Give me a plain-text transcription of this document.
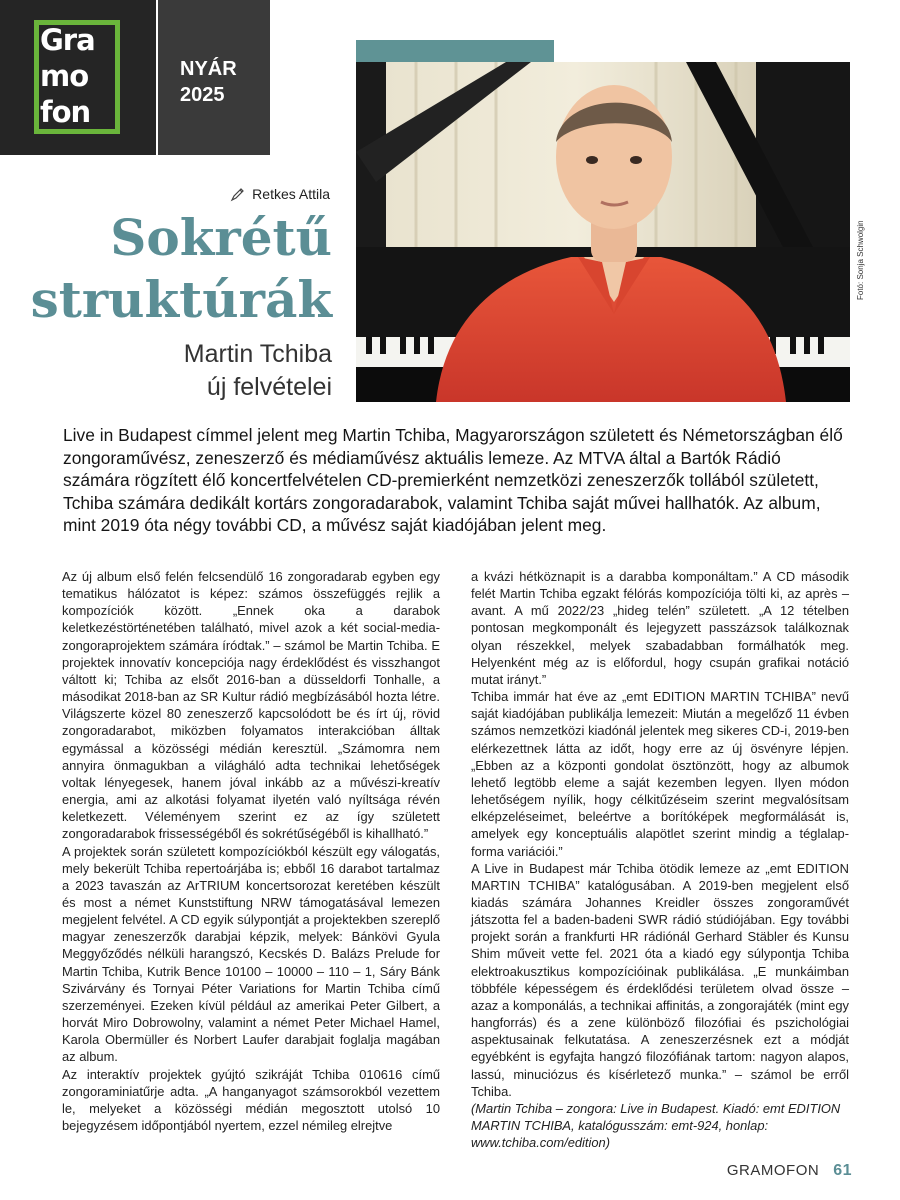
Gra
mo
fon
NYÁR
2025
Fotó: Sonja Schwolgin
Retkes Attila
Sokrétű
struktúrák
Martin Tchiba
új felvételei

Live in Budapest címmel jelent meg Martin Tchiba, Magyarországon született és Németországban élő zongoraművész, zeneszerző és médiaművész aktuális lemeze. Az MTVA által a Bartók Rádió számára rögzített élő koncertfelvételen CD-premierként nemzetközi zeneszerzők tollából született, Tchiba számára dedikált kortárs zongoradarabok, valamint Tchiba saját művei hallhatók. Az album, mint 2019 óta négy további CD, a művész saját kiadójában jelent meg.

Az új album első felén felcsendülő 16 zongoradarab egyben egy tematikus hálózatot is képez: számos összefüggés rejlik a kompozíciók között. „Ennek oka a darabok keletkezéstörténetében található, mivel azok a két social-media-zongoraprojektem számára íródtak.” – számol be Martin Tchiba. E projektek innovatív koncepciója nagy érdeklődést és visszhangot váltott ki; Tchiba az elsőt 2016-ban a düsseldorfi Tonhalle, a másodikat 2018-ban az SR Kultur rádió megbízásából hozta létre. Világszerte közel 80 zeneszerző kapcsolódott be és írt új, rövid zongoradarabot, miközben folyamatos interakcióban álltak egymással a közösségi médián keresztül. „Számomra nem annyira önmagukban a világháló adta technikai lehetőségek voltak lényegesek, hanem jóval inkább az a művészi-kreatív energia, ami az alkotási folyamat ilyetén való nyíltsága révén keletkezett. Véleményem szerint ez az így született zongoradarabok frissességéből és sokrétűségéből is kihallható.”

A projektek során született kompozíciókból készült egy válogatás, mely bekerült Tchiba repertoárjába is; ebből 16 darabot tartalmaz a 2023 tavaszán az ArTRIUM koncertsorozat keretében készült és most a német Kunststiftung NRW támogatásával lemezen megjelent felvétel. A CD egyik súlypontját a projektekben szereplő magyar zeneszerzők darabjai képzik, melyek: Bánkövi Gyula Meggyőződés nélküli harangszó, Kecskés D. Balázs Prelude for Martin Tchiba, Kutrik Bence 10100 – 10000 – 110 – 1, Sáry Bánk Szivárvány és Tornyai Péter Variations for Martin Tchiba című szerzeményei. Ezeken kívül például az amerikai Peter Gilbert, a horvát Miro Dobrowolny, valamint a német Peter Michael Hamel, Karola Obermüller és Norbert Laufer darabjait foglalja magában az album.

Az interaktív projektek gyújtó szikráját Tchiba 010616 című zongoraminiatűrje adta. „A hanganyagot számsorokból vezettem le, melyeket a közösségi médián megosztott utolsó 10 bejegyzésem időpontjából nyertem, ezzel némileg elrejtve

a kvázi hétköznapit is a darabba komponáltam.” A CD második felét Martin Tchiba egzakt félórás kompozíciója tölti ki, az après – avant. A mű 2022/23 „hideg telén” született. „A 12 tételben pontosan megkomponált és lejegyzett passzázsok találkoznak olyan részekkel, melyek szabadabban formálhatók meg. Helyenként még az is előfordul, hogy csupán grafikai notáció mutat irányt.”

Tchiba immár hat éve az „emt EDITION MARTIN TCHIBA” nevű saját kiadójában publikálja lemezeit: Miután a megelőző 11 évben számos nemzetközi kiadónál jelentek meg sikeres CD-i, 2019-ben elérkezettnek látta az időt, hogy erre az új ösvényre lépjen. „Ebben az a központi gondolat ösztönzött, hogy az albumok lehető legtöbb eleme a saját kezemben legyen. Ilyen módon lehetőségem nyílik, hogy célkitűzéseim szerint megvalósítsam elképzeléseimet, beleértve a borítóképek megformálását is, amelyek egy konceptuális alapötlet szerint mindig a téglalap-forma variációi.”

A Live in Budapest már Tchiba ötödik lemeze az „emt EDITION MARTIN TCHIBA” katalógusában. A 2019-ben megjelent első kiadás számára Johannes Kreidler összes zongoraművét játszotta fel a baden-badeni SWR rádió stúdiójában. Egy további projekt során a frankfurti HR rádiónál Gerhard Stäbler és Kunsu Shim műveit vette fel. 2021 óta a kiadó egy súlypontja Tchiba elektroakusztikus kompozícióinak publikálása. „E munkáimban többféle képességem és érdeklődési területem olvad össze – azaz a komponálás, a technikai affinitás, a zongorajáték (mint egy hangforrás) és a zene különböző filozófiai és pszichológiai aspektusainak felkutatása. A zeneszerzésnek ezt a módját egyébként is egyfajta hangzó filozófiának tartom: nagyon alapos, lassú, minuciózus és kísérletező munka.” – számol be erről Tchiba.

(Martin Tchiba – zongora: Live in Budapest. Kiadó: emt EDITION MARTIN TCHIBA, katalógusszám: emt-924, honlap: www.tchiba.com/edition)

GRAMOFON 61
